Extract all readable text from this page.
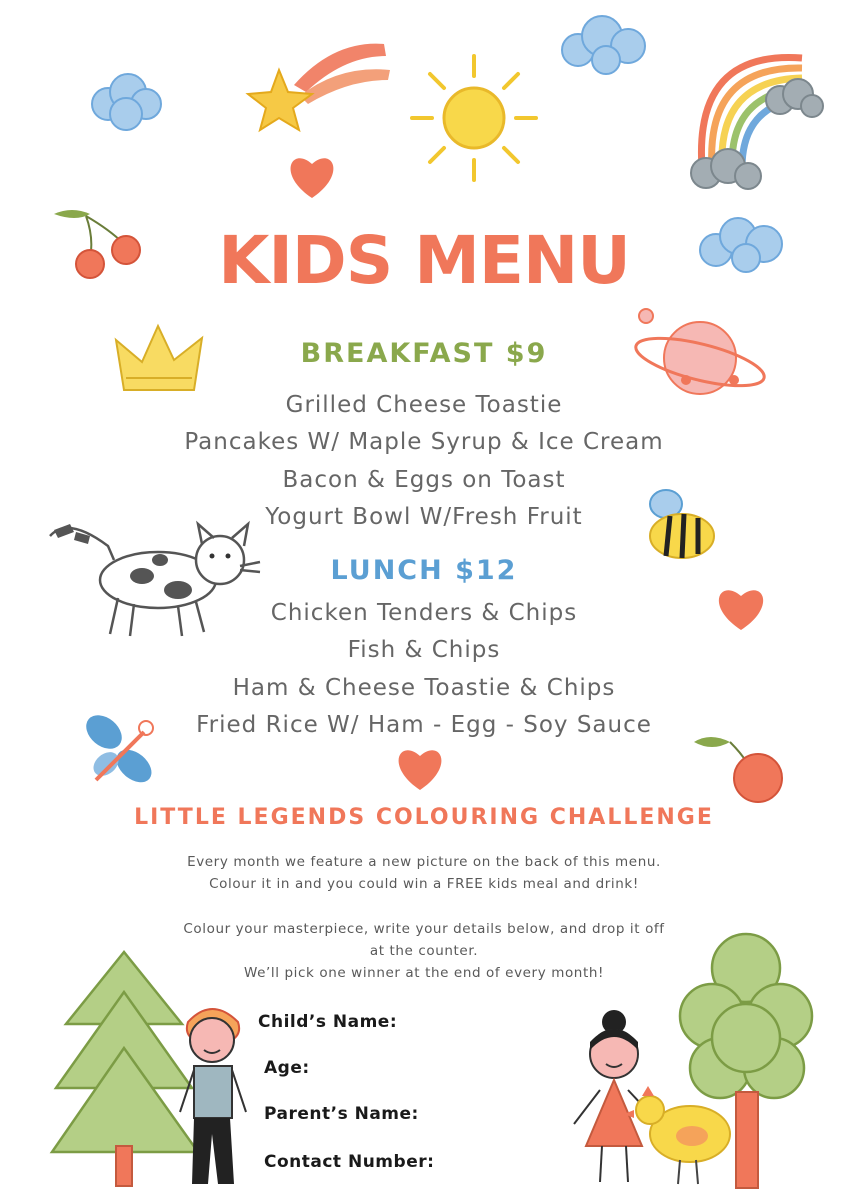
KIDS MENU
BREAKFAST $9
Grilled Cheese Toastie
Pancakes W/ Maple Syrup & Ice Cream
Bacon & Eggs on Toast
Yogurt Bowl W/Fresh Fruit
LUNCH $12
Chicken Tenders & Chips
Fish & Chips
Ham & Cheese Toastie & Chips
Fried Rice W/ Ham - Egg - Soy Sauce
LITTLE LEGENDS COLOURING CHALLENGE
Every month we feature a new picture on the back of this menu.
Colour it in and you could win a FREE kids meal and drink!
Colour your masterpiece, write your details below, and drop it off
at the counter.
We’ll pick one winner at the end of every month!
Child’s Name:
Age:
Parent’s Name:
Contact Number:
